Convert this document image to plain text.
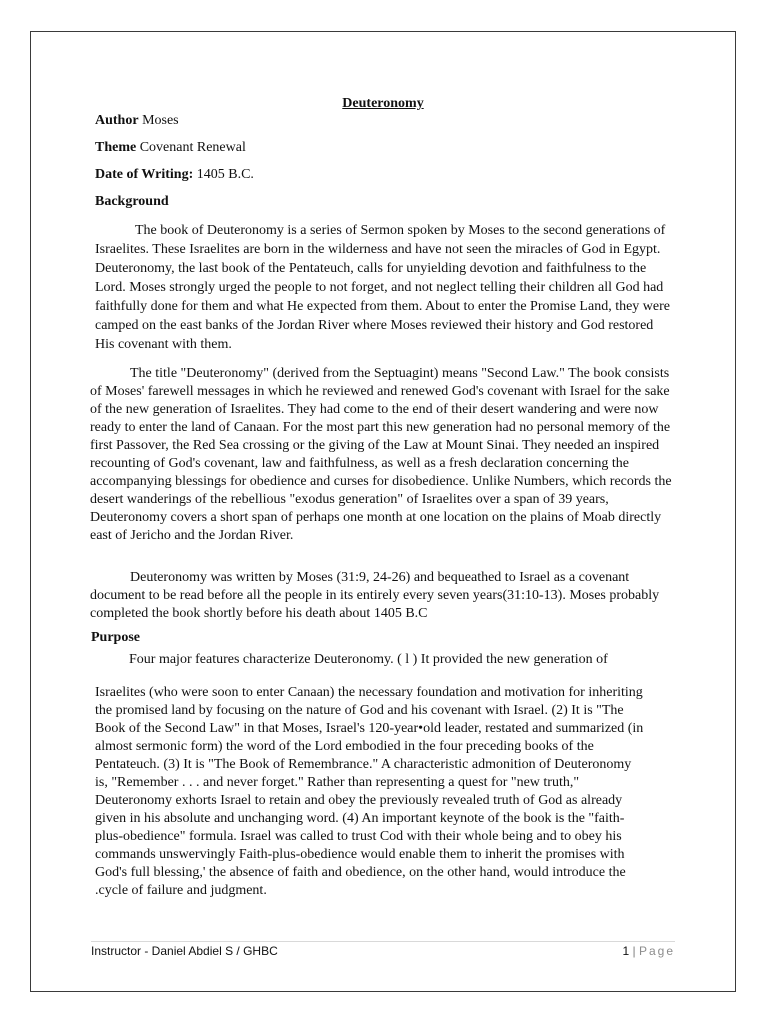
Deuteronomy
Author Moses
Theme Covenant Renewal
Date of Writing: 1405 B.C.
Background

The book of Deuteronomy is a series of Sermon spoken by Moses to the second generations of Israelites. These Israelites are born in the wilderness and have not seen the miracles of God in Egypt. Deuteronomy, the last book of the Pentateuch, calls for unyielding devotion and faithfulness to the Lord. Moses strongly urged the people to not forget, and not neglect telling their children all God had faithfully done for them and what He expected from them. About to enter the Promise Land, they were camped on the east banks of the Jordan River where Moses reviewed their history and God restored His covenant with them.

The title "Deuteronomy" (derived from the Septuagint) means "Second Law." The book consists of Moses' farewell messages in which he reviewed and renewed God's covenant with Israel for the sake of the new generation of Israelites. They had come to the end of their desert wandering and were now ready to enter the land of Canaan. For the most part this new generation had no personal memory of the first Passover, the Red Sea crossing or the giving of the Law at Mount Sinai. They needed an inspired recounting of God's covenant, law and faithfulness, as well as a fresh declaration concerning the accompanying blessings for obedience and curses for disobedience. Unlike Numbers, which records the desert wanderings of the rebellious "exodus generation" of Israelites over a span of 39 years, Deuteronomy covers a short span of perhaps one month at one location on the plains of Moab directly east of Jericho and the Jordan River.

Deuteronomy was written by Moses (31:9, 24-26) and bequeathed to Israel as a covenant document to be read before all the people in its entirely every seven years(31:10-13). Moses probably completed the book shortly before his death about 1405 B.C

Purpose

Four major features characterize Deuteronomy. ( l ) It provided the new generation of

Israelites (who were soon to enter Canaan) the necessary foundation and motivation for inheriting the promised land by focusing on the nature of God and his covenant with Israel. (2) It is "The Book of the Second Law" in that Moses, Israel's 120-year•old leader, restated and summarized (in almost sermonic form) the word of the Lord embodied in the four preceding books of the Pentateuch. (3) It is "The Book of Remembrance." A characteristic admonition of Deuteronomy is, "Remember . . . and never forget." Rather than representing a quest for "new truth," Deuteronomy exhorts Israel to retain and obey the previously revealed truth of God as already given in his absolute and unchanging word. (4) An important keynote of the book is the "faith-plus-obedience" formula. Israel was called to trust Cod with their whole being and to obey his commands unswervingly Faith-plus-obedience would enable them to inherit the promises with God's full blessing,' the absence of faith and obedience, on the other hand, would introduce the .cycle of failure and judgment.

Instructor - Daniel Abdiel S / GHBC	1 | Page
